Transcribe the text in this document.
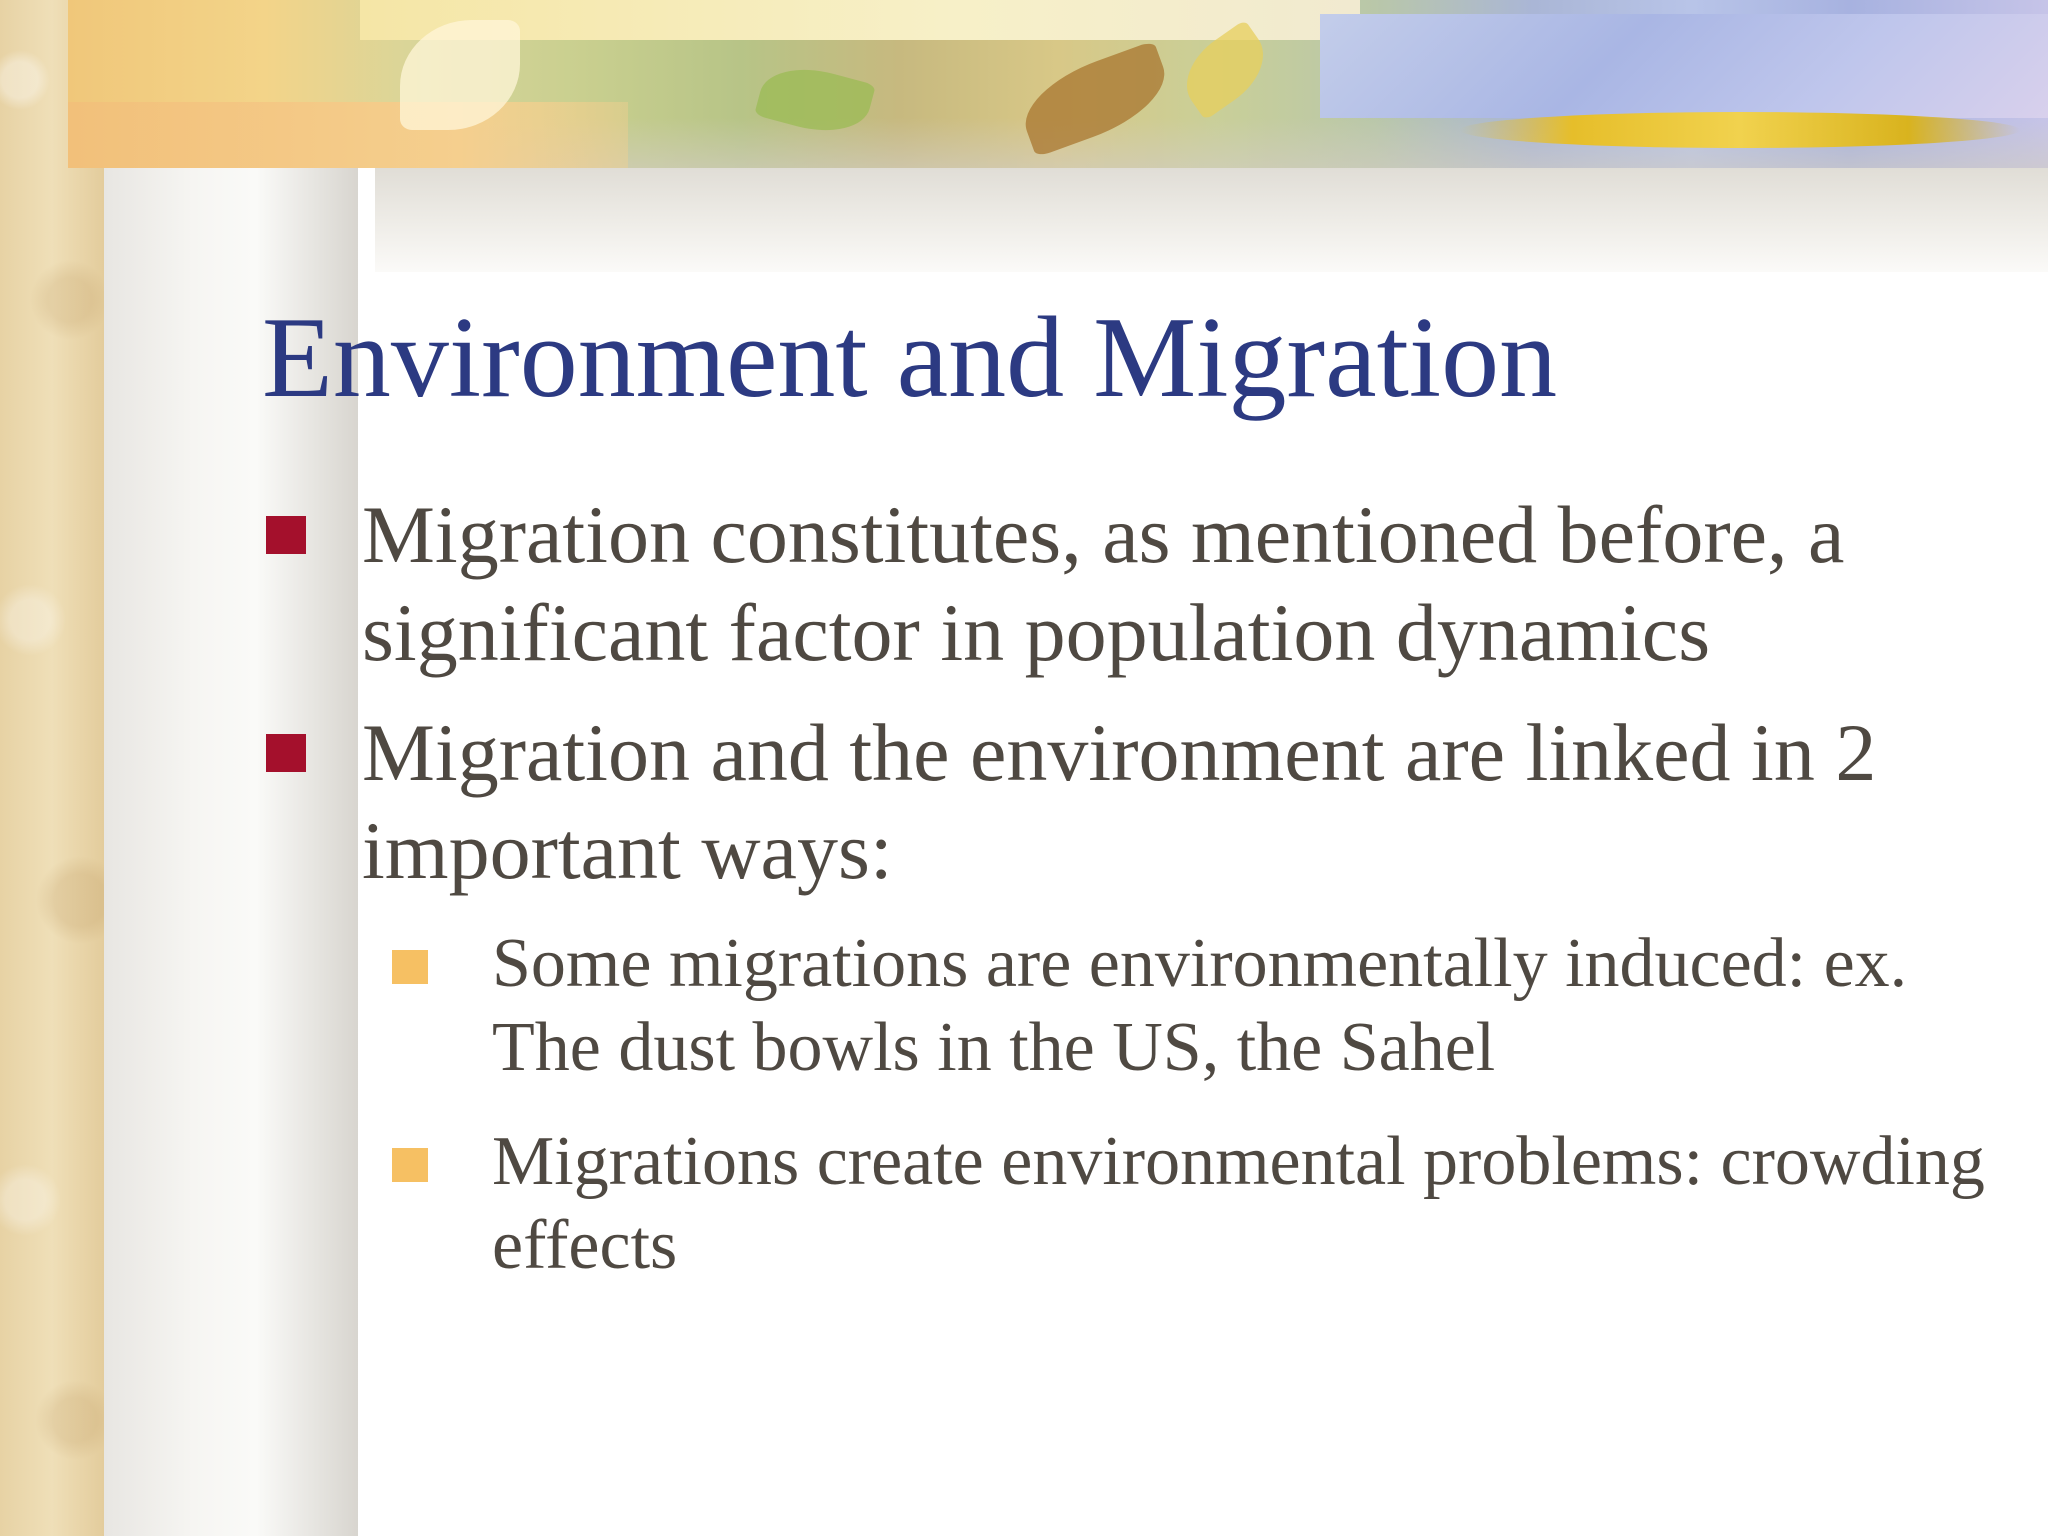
Environment and Migration
Migration constitutes, as mentioned before, a significant factor in population dynamics
Migration and the environment are linked in 2 important ways:
Some migrations are environmentally induced: ex. The dust bowls in the US, the Sahel
Migrations create environmental problems: crowding effects
